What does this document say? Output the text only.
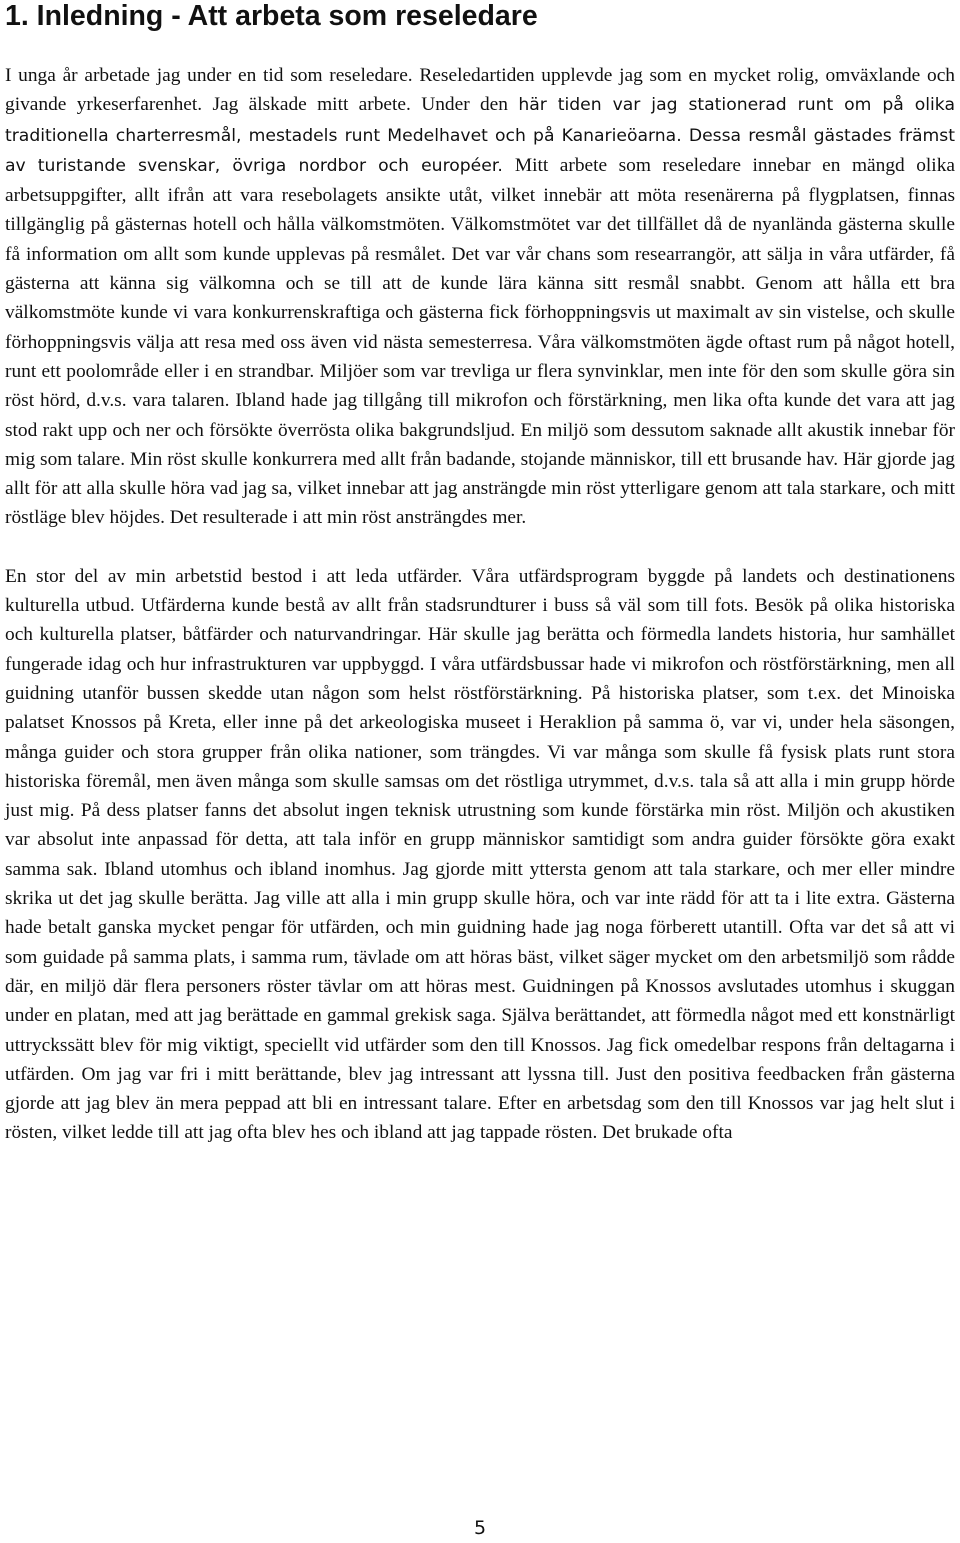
1. Inledning - Att arbeta som reseledare

I unga år arbetade jag under en tid som reseledare. Reseledartiden upplevde jag som en mycket rolig, omväxlande och givande yrkeserfarenhet. Jag älskade mitt arbete. Under den här tiden var jag stationerad runt om på olika traditionella charterresmål, mestadels runt Medelhavet och på Kanarieöarna. Dessa resmål gästades främst av turistande svenskar, övriga nordbor och européer. Mitt arbete som reseledare innebar en mängd olika arbetsuppgifter, allt ifrån att vara resebolagets ansikte utåt, vilket innebär att möta resenärerna på flygplatsen, finnas tillgänglig på gästernas hotell och hålla välkomstmöten. Välkomstmötet var det tillfället då de nyanlända gästerna skulle få information om allt som kunde upplevas på resmålet. Det var vår chans som researrangör, att sälja in våra utfärder, få gästerna att känna sig välkomna och se till att de kunde lära känna sitt resmål snabbt. Genom att hålla ett bra välkomstmöte kunde vi vara konkurrenskraftiga och gästerna fick förhoppningsvis ut maximalt av sin vistelse, och skulle förhoppningsvis välja att resa med oss även vid nästa semesterresa. Våra välkomstmöten ägde oftast rum på något hotell, runt ett poolområde eller i en strandbar. Miljöer som var trevliga ur flera synvinklar, men inte för den som skulle göra sin röst hörd, d.v.s. vara talaren. Ibland hade jag tillgång till mikrofon och förstärkning, men lika ofta kunde det vara att jag stod rakt upp och ner och försökte överrösta olika bakgrundsljud. En miljö som dessutom saknade allt akustik innebar för mig som talare. Min röst skulle konkurrera med allt från badande, stojande människor, till ett brusande hav. Här gjorde jag allt för att alla skulle höra vad jag sa, vilket innebar att jag ansträngde min röst ytterligare genom att tala starkare, och mitt röstläge blev höjdes. Det resulterade i att min röst ansträngdes mer.

En stor del av min arbetstid bestod i att leda utfärder. Våra utfärdsprogram byggde på landets och destinationens kulturella utbud. Utfärderna kunde bestå av allt från stadsrundturer i buss så väl som till fots. Besök på olika historiska och kulturella platser, båtfärder och naturvandringar. Här skulle jag berätta och förmedla landets historia, hur samhället fungerade idag och hur infrastrukturen var uppbyggd. I våra utfärdsbussar hade vi mikrofon och röstförstärkning, men all guidning utanför bussen skedde utan någon som helst röstförstärkning. På historiska platser, som t.ex. det Minoiska palatset Knossos på Kreta, eller inne på det arkeologiska museet i Heraklion på samma ö, var vi, under hela säsongen, många guider och stora grupper från olika nationer, som trängdes. Vi var många som skulle få fysisk plats runt stora historiska föremål, men även många som skulle samsas om det röstliga utrymmet, d.v.s. tala så att alla i min grupp hörde just mig. På dess platser fanns det absolut ingen teknisk utrustning som kunde förstärka min röst. Miljön och akustiken var absolut inte anpassad för detta, att tala inför en grupp människor samtidigt som andra guider försökte göra exakt samma sak. Ibland utomhus och ibland inomhus. Jag gjorde mitt yttersta genom att tala starkare, och mer eller mindre skrika ut det jag skulle berätta. Jag ville att alla i min grupp skulle höra, och var inte rädd för att ta i lite extra. Gästerna hade betalt ganska mycket pengar för utfärden, och min guidning hade jag noga förberett utantill. Ofta var det så att vi som guidade på samma plats, i samma rum, tävlade om att höras bäst, vilket säger mycket om den arbetsmiljö som rådde där, en miljö där flera personers röster tävlar om att höras mest. Guidningen på Knossos avslutades utomhus i skuggan under en platan, med att jag berättade en gammal grekisk saga. Själva berättandet, att förmedla något med ett konstnärligt uttryckssätt blev för mig viktigt, speciellt vid utfärder som den till Knossos. Jag fick omedelbar respons från deltagarna i utfärden. Om jag var fri i mitt berättande, blev jag intressant att lyssna till. Just den positiva feedbacken från gästerna gjorde att jag blev än mera peppad att bli en intressant talare. Efter en arbetsdag som den till Knossos var jag helt slut i rösten, vilket ledde till att jag ofta blev hes och ibland att jag tappade rösten. Det brukade ofta

5
